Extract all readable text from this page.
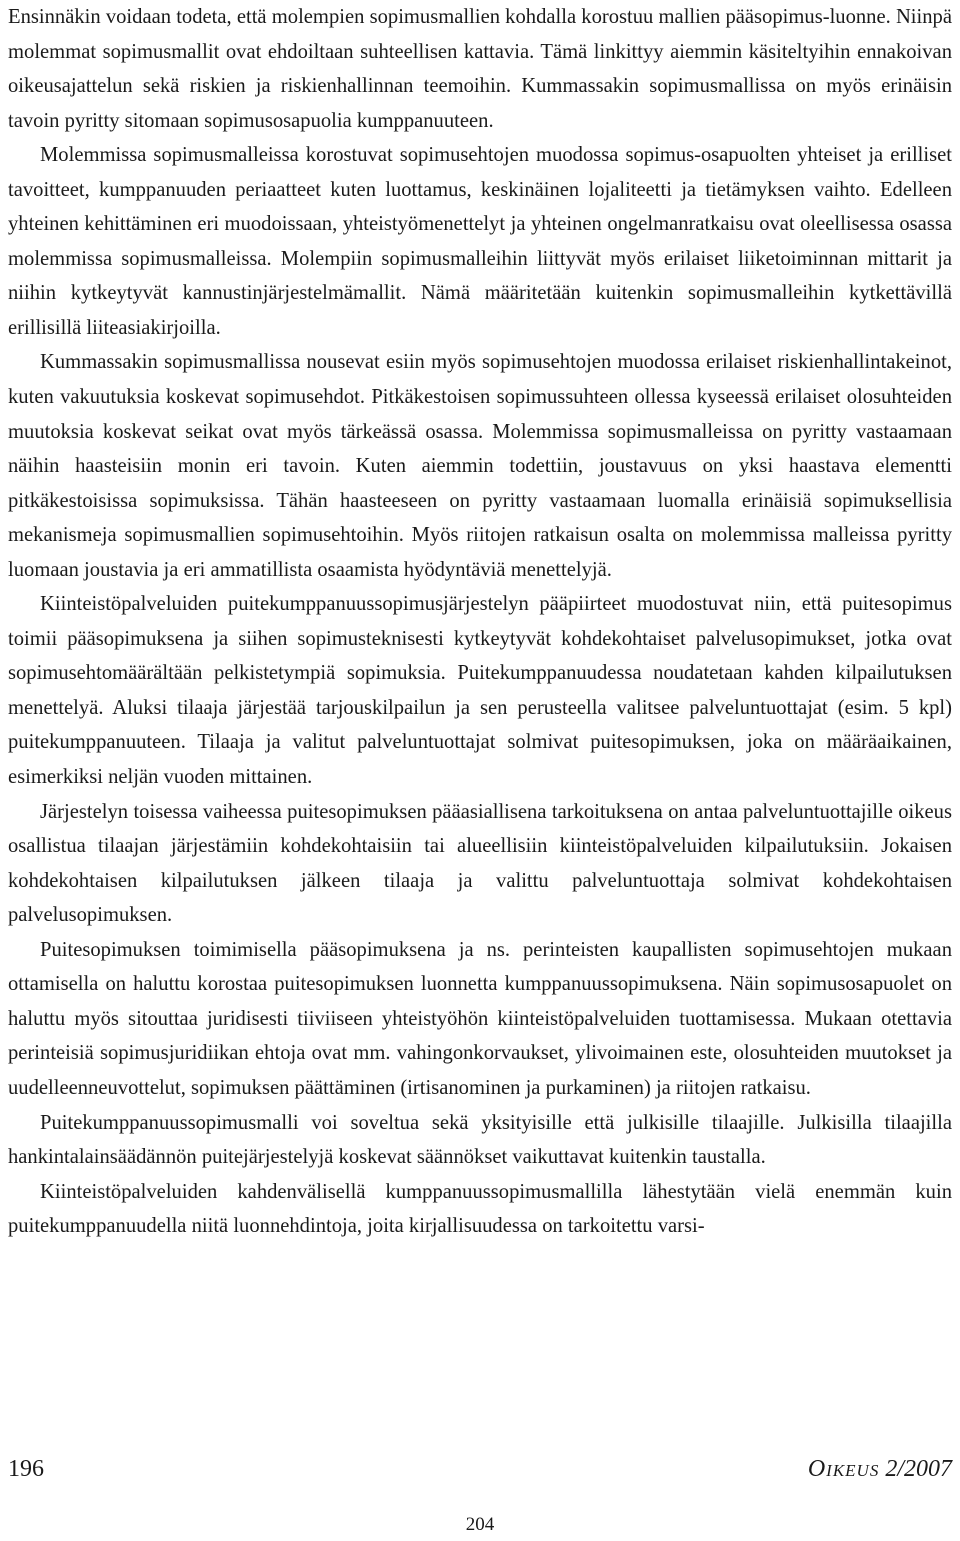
Ensinnäkin voidaan todeta, että molempien sopimusmallien kohdalla korostuu mallien pääsopimus-luonne. Niinpä molemmat sopimusmallit ovat ehdoiltaan suhteellisen kattavia. Tämä linkittyy aiemmin käsiteltyihin ennakoivan oikeusajattelun sekä riskien ja riskienhallinnan teemoihin. Kummassakin sopimusmallissa on myös erinäisin tavoin pyritty sitomaan sopimusosapuolia kumppanuuteen.

Molemmissa sopimusmalleissa korostuvat sopimusehtojen muodossa sopimus-osapuolten yhteiset ja erilliset tavoitteet, kumppanuuden periaatteet kuten luottamus, keskinäinen lojaliteetti ja tietämyksen vaihto. Edelleen yhteinen kehittäminen eri muodoissaan, yhteistyömenettelyt ja yhteinen ongelmanratkaisu ovat oleellisessa osassa molemmissa sopimusmalleissa. Molempiin sopimusmalleihin liittyvät myös erilaiset liiketoiminnan mittarit ja niihin kytkeytyvät kannustinjärjestelmämallit. Nämä määritetään kuitenkin sopimusmalleihin kytkettävillä erillisillä liiteasiakirjoilla.

Kummassakin sopimusmallissa nousevat esiin myös sopimusehtojen muodossa erilaiset riskienhallintakeinot, kuten vakuutuksia koskevat sopimusehdot. Pitkäkestoisen sopimussuhteen ollessa kyseessä erilaiset olosuhteiden muutoksia koskevat seikat ovat myös tärkeässä osassa. Molemmissa sopimusmalleissa on pyritty vastaamaan näihin haasteisiin monin eri tavoin. Kuten aiemmin todettiin, joustavuus on yksi haastava elementti pitkäkestoisissa sopimuksissa. Tähän haasteeseen on pyritty vastaamaan luomalla erinäisiä sopimuksellisia mekanismeja sopimusmallien sopimusehtoihin. Myös riitojen ratkaisun osalta on molemmissa malleissa pyritty luomaan joustavia ja eri ammatillista osaamista hyödyntäviä menettelyjä.

Kiinteistöpalveluiden puitekumppanuussopimusjärjestelyn pääpiirteet muodostuvat niin, että puitesopimus toimii pääsopimuksena ja siihen sopimusteknisesti kytkeytyvät kohdekohtaiset palvelusopimukset, jotka ovat sopimusehtomäärältään pelkistetympiä sopimuksia. Puitekumppanuudessa noudatetaan kahden kilpailutuksen menettelyä. Aluksi tilaaja järjestää tarjouskilpailun ja sen perusteella valitsee palveluntuottajat (esim. 5 kpl) puitekumppanuuteen. Tilaaja ja valitut palveluntuottajat solmivat puitesopimuksen, joka on määräaikainen, esimerkiksi neljän vuoden mittainen.

Järjestelyn toisessa vaiheessa puitesopimuksen pääasiallisena tarkoituksena on antaa palveluntuottajille oikeus osallistua tilaajan järjestämiin kohdekohtaisiin tai alueellisiin kiinteistöpalveluiden kilpailutuksiin. Jokaisen kohdekohtaisen kilpailutuksen jälkeen tilaaja ja valittu palveluntuottaja solmivat kohdekohtaisen palvelusopimuksen.

Puitesopimuksen toimimisella pääsopimuksena ja ns. perinteisten kaupallisten sopimusehtojen mukaan ottamisella on haluttu korostaa puitesopimuksen luonnetta kumppanuussopimuksena. Näin sopimusosapuolet on haluttu myös sitouttaa juridisesti tiiviiseen yhteistyöhön kiinteistöpalveluiden tuottamisessa. Mukaan otettavia perinteisiä sopimusjuridiikan ehtoja ovat mm. vahingonkorvaukset, ylivoimainen este, olosuhteiden muutokset ja uudelleenneuvottelut, sopimuksen päättäminen (irtisanominen ja purkaminen) ja riitojen ratkaisu.

Puitekumppanuussopimusmalli voi soveltua sekä yksityisille että julkisille tilaajille. Julkisilla tilaajilla hankintalainsäädännön puitejärjestelyjä koskevat säännökset vaikuttavat kuitenkin taustalla.

Kiinteistöpalveluiden kahdenvälisellä kumppanuussopimusmallilla lähestytään vielä enemmän kuin puitekumppanuudella niitä luonnehdintoja, joita kirjallisuudessa on tarkoitettu varsi-

196	Oikeus 2/2007
204
